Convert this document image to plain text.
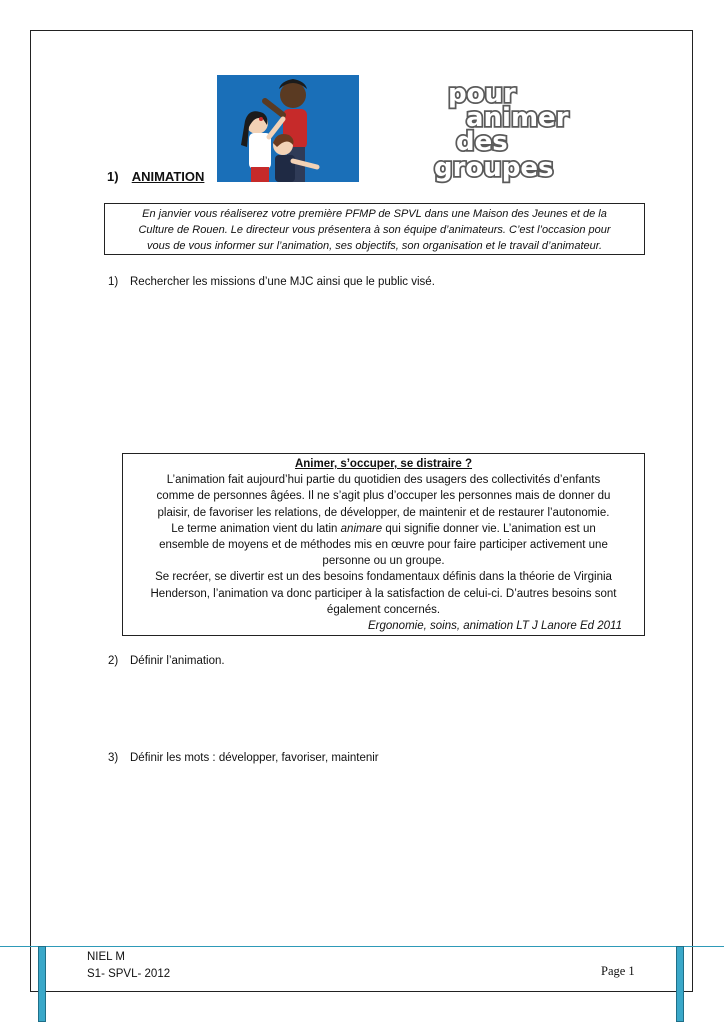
pour
animer
des
groupes
1) ANIMATION
En janvier vous réaliserez votre première PFMP de SPVL dans une Maison des Jeunes et de la
Culture de Rouen. Le directeur vous présentera à son équipe d’animateurs. C’est l’occasion pour
vous de vous informer sur l’animation, ses objectifs, son organisation et le travail d’animateur.
1) Rechercher les missions d’une MJC ainsi que le public visé.
Animer, s’occuper, se distraire ?
L’animation fait aujourd’hui partie du quotidien des usagers des collectivités d’enfants
comme de personnes âgées. Il ne s’agit plus d’occuper les personnes mais de donner du
plaisir, de favoriser les relations, de développer, de maintenir et de restaurer l’autonomie.
Le terme animation vient du latin animare qui signifie donner vie. L’animation est un
ensemble de moyens et de méthodes mis en œuvre pour faire participer activement une
personne ou un groupe.
Se recréer, se divertir est un des besoins fondamentaux définis dans la théorie de Virginia
Henderson, l’animation va donc participer à la satisfaction de celui-ci. D’autres besoins sont
également concernés.
Ergonomie, soins, animation LT J Lanore Ed 2011
2) Définir l’animation.
3) Définir les mots : développer, favoriser, maintenir
NIEL M
S1- SPVL- 2012	Page 1
